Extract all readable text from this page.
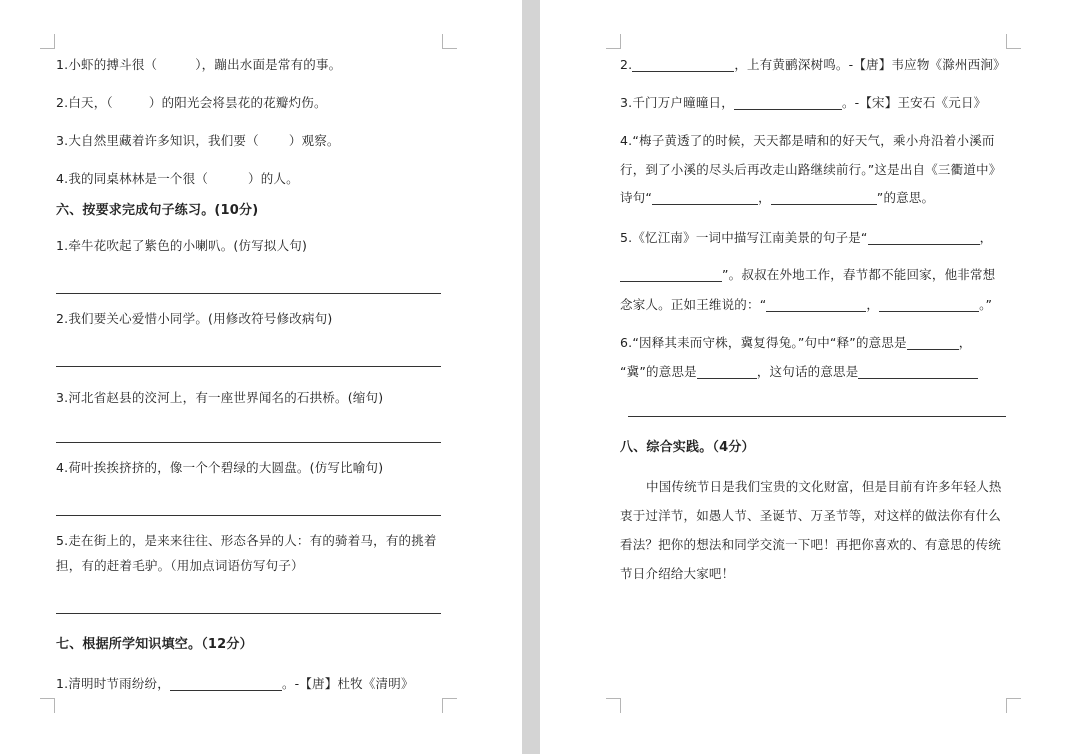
1.小虾的搏斗很（	），蹦出水面是常有的事。
2.白天，（	）的阳光会将昙花的花瓣灼伤。
3.大自然里藏着许多知识，我们要（ ）观察。
4.我的同桌林林是一个很（	）的人。
六、按要求完成句子练习。(10分)
1.牵牛花吹起了紫色的小喇叭。(仿写拟人句)
2.我们要关心爱惜小同学。(用修改符号修改病句)
3.河北省赵县的洨河上，有一座世界闻名的石拱桥。(缩句)
4.荷叶挨挨挤挤的，像一个个碧绿的大圆盘。(仿写比喻句)
5.走在街上的，是来来往往、形态各异的人：有的骑着马，有的挑着
担，有的赶着毛驴。（用加点词语仿写句子）
七、根据所学知识填空。（12分）
1.清明时节雨纷纷，	。-【唐】杜牧《清明》
2.	，上有黄鹂深树鸣。-【唐】韦应物《滁州西涧》
3.千门万户曈曈日，	。-【宋】王安石《元日》
4.“梅子黄透了的时候，天天都是晴和的好天气，乘小舟沿着小溪而
行，到了小溪的尽头后再改走山路继续前行。”这是出自《三衢道中》
诗句“	，	”的意思。
5.《忆江南》一词中描写江南美景的句子是“	，
”。叔叔在外地工作，春节都不能回家，他非常想
念家人。正如王维说的：“	，	。”
6.“因释其耒而守株，冀复得兔。”句中“释”的意思是	，
“冀”的意思是	，这句话的意思是
八、综合实践。（4分）
中国传统节日是我们宝贵的文化财富，但是目前有许多年轻人热
衷于过洋节，如愚人节、圣诞节、万圣节等，对这样的做法你有什么
看法？把你的想法和同学交流一下吧！再把你喜欢的、有意思的传统
节日介绍给大家吧！
